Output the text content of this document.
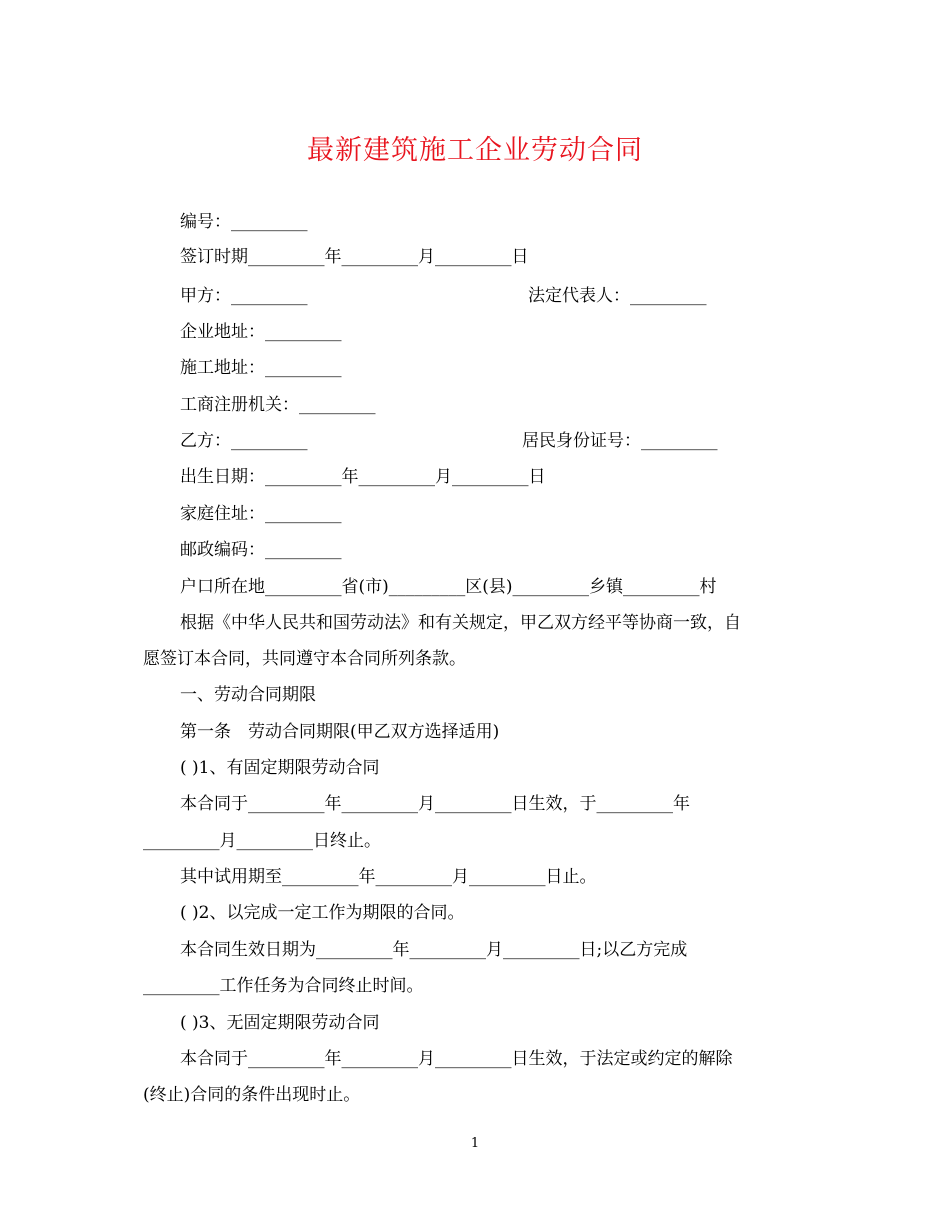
最新建筑施工企业劳动合同
编号：_________
签订时期_________年_________月_________日
甲方：_________	法定代表人：_________
企业地址：_________
施工地址：_________
工商注册机关：_________
乙方：_________	居民身份证号：_________
出生日期：_________年_________月_________日
家庭住址：_________
邮政编码：_________
户口所在地_________省(市)_________区(县)_________乡镇_________村
根据《中华人民共和国劳动法》和有关规定，甲乙双方经平等协商一致，自
愿签订本合同，共同遵守本合同所列条款。
一、劳动合同期限
第一条　劳动合同期限(甲乙双方选择适用)
( )1、有固定期限劳动合同
本合同于_________年_________月_________日生效，于_________年
_________月_________日终止。
其中试用期至_________年_________月_________日止。
( )2、以完成一定工作为期限的合同。
本合同生效日期为_________年_________月_________日;以乙方完成
_________工作任务为合同终止时间。
( )3、无固定期限劳动合同
本合同于_________年_________月_________日生效，于法定或约定的解除
(终止)合同的条件出现时止。
1
